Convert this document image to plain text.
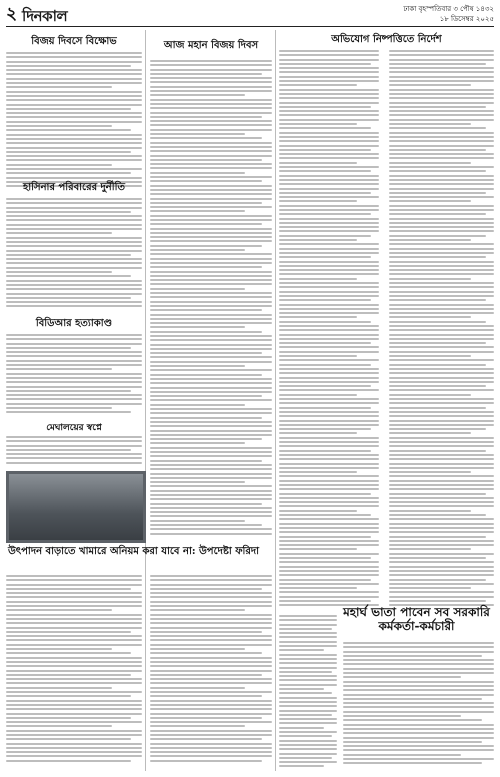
২ দিনকাল	ঢাকা বৃহস্পতিবার ৩ পৌষ ১৪৩২
১৮ ডিসেম্বর ২০২৫
বিজয় দিবসে বিক্ষোভ
হাসিনার পরিবারের দুর্নীতি
বিডিআর হত্যাকাণ্ড
মেঘালয়ের স্বপ্নে
উৎপাদন বাড়াতে খামারে অনিয়ম করা যাবে না: উপদেষ্টা ফরিদা
আজ মহান বিজয় দিবস
অভিযোগ নিষ্পত্তিতে নির্দেশ
মহার্ঘ ভাতা পাবেন সব সরকারি কর্মকর্তা-কর্মচারী
